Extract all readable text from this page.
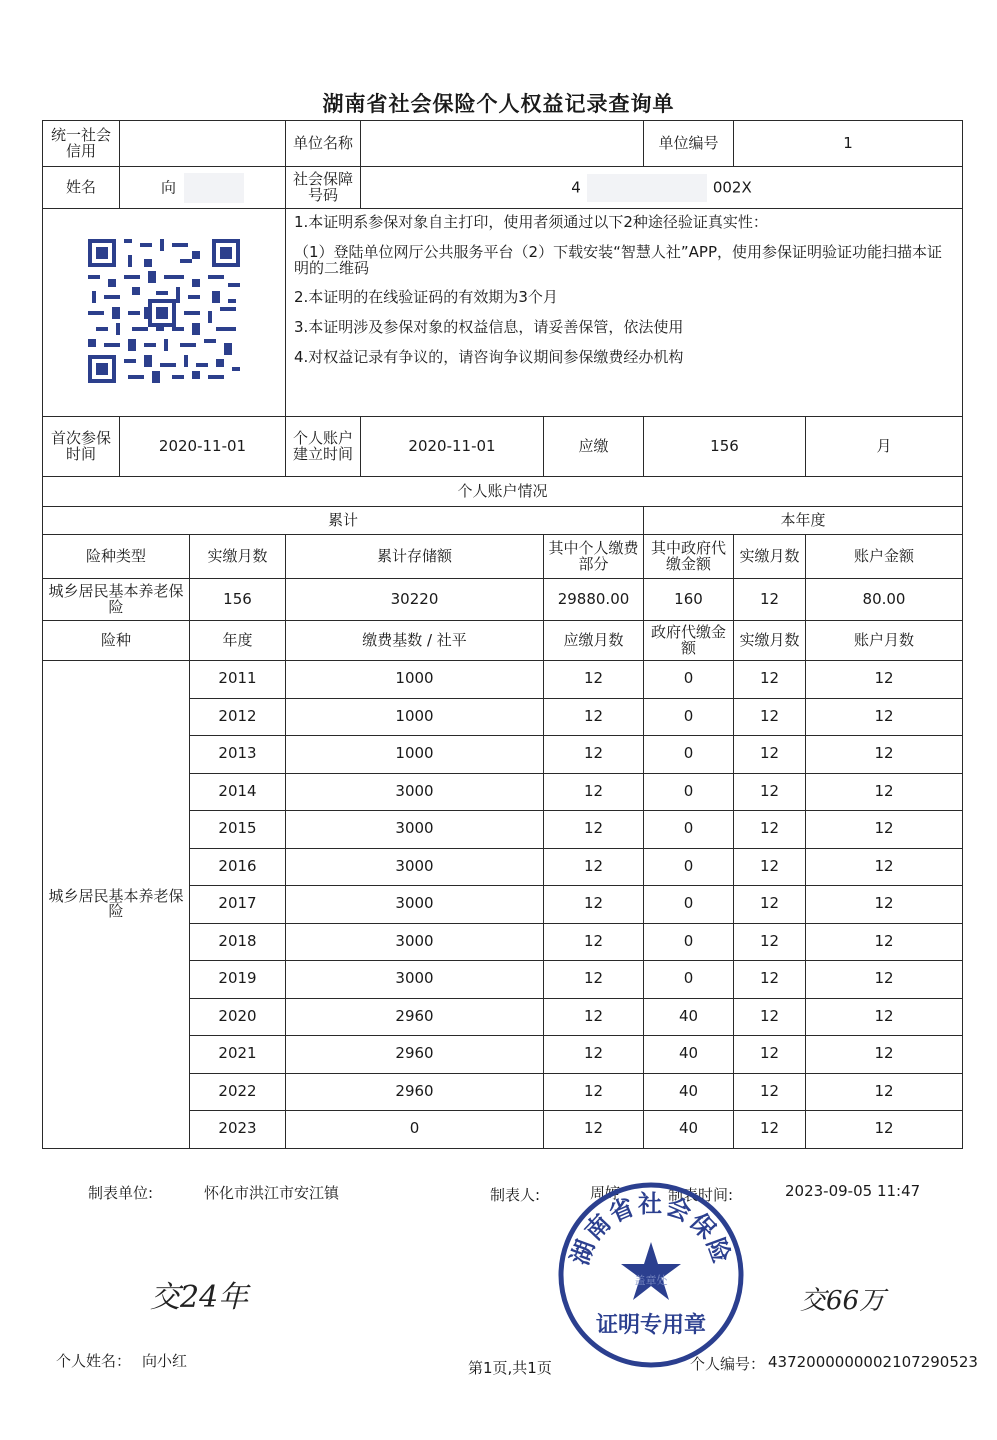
湖南省社会保险个人权益记录查询单
统一社会信用			单位名称			单位编号	1		
姓名	向		社会保障号码	4 002X					

1.本证明系参保对象自主打印，使用者须通过以下2种途径验证真实性：

（1）登陆单位网厅公共服务平台（2）下载安装“智慧人社”APP，使用参保证明验证功能扫描本证明的二维码

2.本证明的在线验证码的有效期为3个月

3.本证明涉及参保对象的权益信息，请妥善保管，依法使用

4.对权益记录有争议的，请咨询争议期间参保缴费经办机构						

首次参保时间	2020-11-01		个人账户建立时间	2020-11-01	应缴	156		月	
个人账户情况									
累计						本年度			
险种类型		实缴月数	累计存储额		其中个人缴费部分	其中政府代缴金额	实缴月数	账户金额	
城乡居民基本养老保险		156	30220		29880.00	160	12	80.00	
险种		年度	缴费基数 / 社平		应缴月数	政府代缴金额	实缴月数	账户月数	
城乡居民基本养老保险		2011	1000		12	0	12	12	
		2012	1000		12	0	12	12	
		2013	1000		12	0	12	12	
		2014	3000		12	0	12	12	
		2015	3000		12	0	12	12	
		2016	3000		12	0	12	12	
		2017	3000		12	0	12	12	
		2018	3000		12	0	12	12	
		2019	3000		12	0	12	12	
		2020	2960		12	40	12	12	
		2021	2960		12	40	12	12	
		2022	2960		12	40	12	12	
		2023	0		12	40	12	12	
制表单位:	怀化市洪江市安江镇	制表人:	周婷	制表时间:	2023-09-05 11:47
交24年	交66万
个人姓名： 向小红	第1页,共1页	个人编号： 4372000000002107290523
湖南省社会保险
盖章处
证明专用章
